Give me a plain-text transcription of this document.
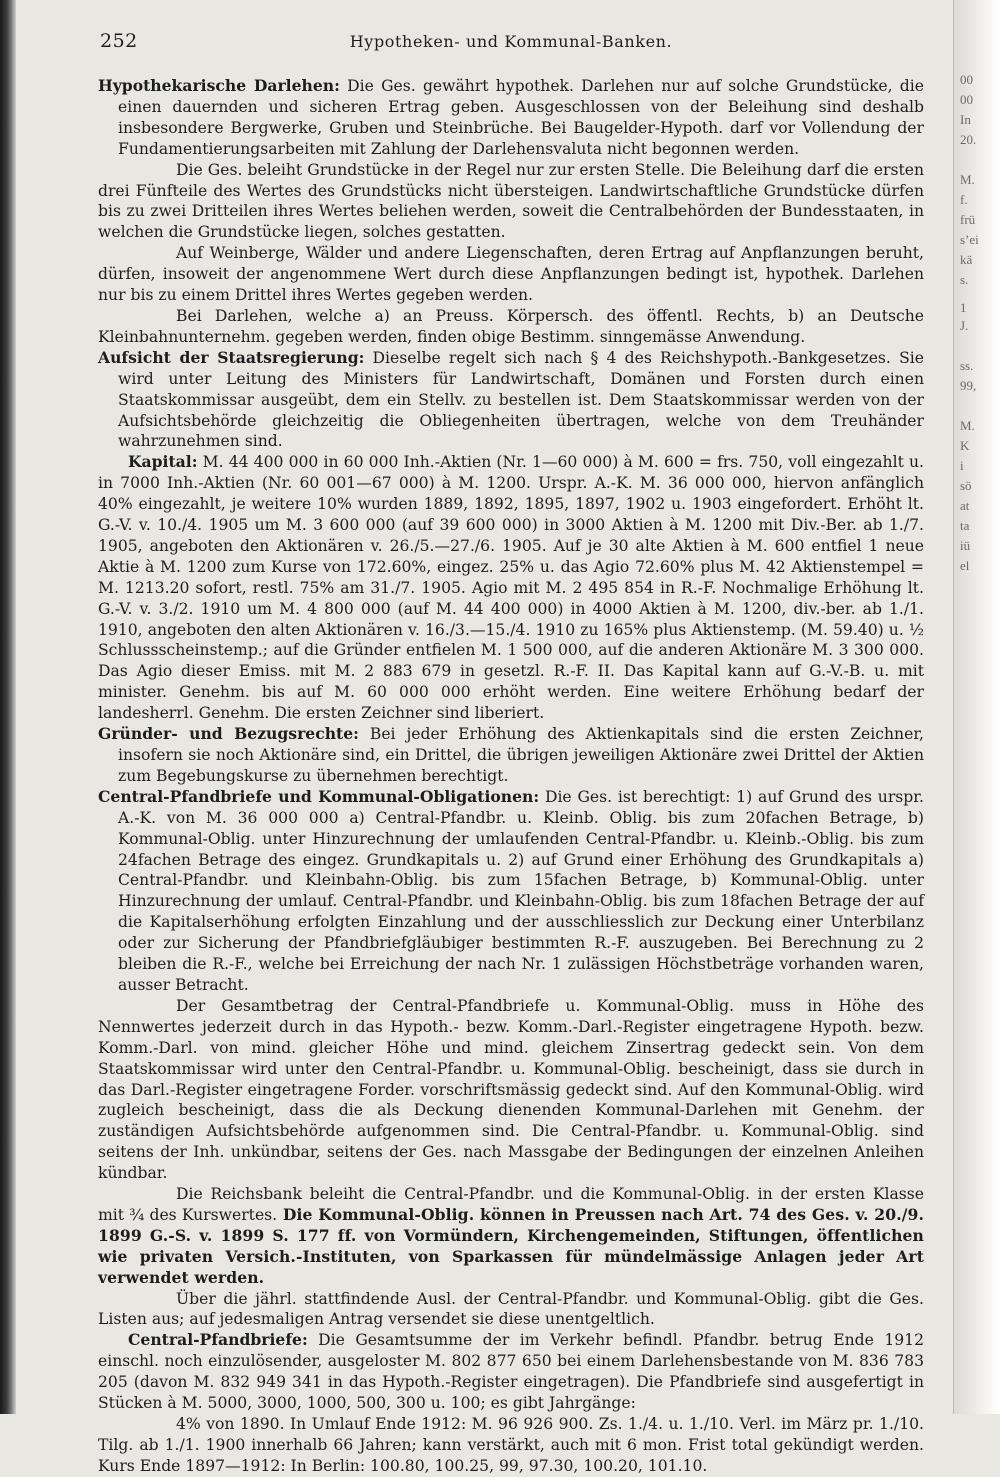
00
00
In
20.
M.
f.
frü
s’ei
kä
s.
1
J.
ss.
99,
M.
K
i
sö
at
ta
iü
el
252	Hypotheken- und Kommunal-Banken.

Hypothekarische Darlehen: Die Ges. gewährt hypothek. Darlehen nur auf solche Grundstücke, die einen dauernden und sicheren Ertrag geben. Ausgeschlossen von der Beleihung sind deshalb insbesondere Bergwerke, Gruben und Steinbrüche. Bei Baugelder-Hypoth. darf vor Vollendung der Fundamentierungsarbeiten mit Zahlung der Darlehensvaluta nicht begonnen werden.

Die Ges. beleiht Grundstücke in der Regel nur zur ersten Stelle. Die Beleihung darf die ersten drei Fünfteile des Wertes des Grundstücks nicht übersteigen. Landwirtschaftliche Grundstücke dürfen bis zu zwei Dritteilen ihres Wertes beliehen werden, soweit die Centralbehörden der Bundesstaaten, in welchen die Grundstücke liegen, solches gestatten.

Auf Weinberge, Wälder und andere Liegenschaften, deren Ertrag auf Anpflanzungen beruht, dürfen, insoweit der angenommene Wert durch diese Anpflanzungen bedingt ist, hypothek. Darlehen nur bis zu einem Drittel ihres Wertes gegeben werden.

Bei Darlehen, welche a) an Preuss. Körpersch. des öffentl. Rechts, b) an Deutsche Kleinbahnunternehm. gegeben werden, finden obige Bestimm. sinngemässe Anwendung.

Aufsicht der Staatsregierung: Dieselbe regelt sich nach § 4 des Reichshypoth.-Bankgesetzes. Sie wird unter Leitung des Ministers für Landwirtschaft, Domänen und Forsten durch einen Staatskommissar ausgeübt, dem ein Stellv. zu bestellen ist. Dem Staatskommissar werden von der Aufsichtsbehörde gleichzeitig die Obliegenheiten übertragen, welche von dem Treuhänder wahrzunehmen sind.

Kapital: M. 44 400 000 in 60 000 Inh.-Aktien (Nr. 1—60 000) à M. 600 = frs. 750, voll eingezahlt u. in 7000 Inh.-Aktien (Nr. 60 001—67 000) à M. 1200. Urspr. A.-K. M. 36 000 000, hiervon anfänglich 40% eingezahlt, je weitere 10% wurden 1889, 1892, 1895, 1897, 1902 u. 1903 eingefordert. Erhöht lt. G.-V. v. 10./4. 1905 um M. 3 600 000 (auf 39 600 000) in 3000 Aktien à M. 1200 mit Div.-Ber. ab 1./7. 1905, angeboten den Aktionären v. 26./5.—27./6. 1905. Auf je 30 alte Aktien à M. 600 entfiel 1 neue Aktie à M. 1200 zum Kurse von 172.60%, eingez. 25% u. das Agio 72.60% plus M. 42 Aktienstempel = M. 1213.20 sofort, restl. 75% am 31./7. 1905. Agio mit M. 2 495 854 in R.-F. Nochmalige Erhöhung lt. G.-V. v. 3./2. 1910 um M. 4 800 000 (auf M. 44 400 000) in 4000 Aktien à M. 1200, div.-ber. ab 1./1. 1910, angeboten den alten Aktionären v. 16./3.—15./4. 1910 zu 165% plus Aktienstemp. (M. 59.40) u. ½ Schlussscheinstemp.; auf die Gründer entfielen M. 1 500 000, auf die anderen Aktionäre M. 3 300 000. Das Agio dieser Emiss. mit M. 2 883 679 in gesetzl. R.-F. II. Das Kapital kann auf G.-V.-B. u. mit minister. Genehm. bis auf M. 60 000 000 erhöht werden. Eine weitere Erhöhung bedarf der landesherrl. Genehm. Die ersten Zeichner sind liberiert.

Gründer- und Bezugsrechte: Bei jeder Erhöhung des Aktienkapitals sind die ersten Zeichner, insofern sie noch Aktionäre sind, ein Drittel, die übrigen jeweiligen Aktionäre zwei Drittel der Aktien zum Begebungskurse zu übernehmen berechtigt.

Central-Pfandbriefe und Kommunal-Obligationen: Die Ges. ist berechtigt: 1) auf Grund des urspr. A.-K. von M. 36 000 000 a) Central-Pfandbr. u. Kleinb. Oblig. bis zum 20fachen Betrage, b) Kommunal-Oblig. unter Hinzurechnung der umlaufenden Central-Pfandbr. u. Kleinb.-Oblig. bis zum 24fachen Betrage des eingez. Grundkapitals u. 2) auf Grund einer Erhöhung des Grundkapitals a) Central-Pfandbr. und Kleinbahn-Oblig. bis zum 15fachen Betrage, b) Kommunal-Oblig. unter Hinzurechnung der umlauf. Central-Pfandbr. und Kleinbahn-Oblig. bis zum 18fachen Betrage der auf die Kapitalserhöhung erfolgten Einzahlung und der ausschliesslich zur Deckung einer Unterbilanz oder zur Sicherung der Pfandbriefgläubiger bestimmten R.-F. auszugeben. Bei Berechnung zu 2 bleiben die R.-F., welche bei Erreichung der nach Nr. 1 zulässigen Höchstbeträge vorhanden waren, ausser Betracht.

Der Gesamtbetrag der Central-Pfandbriefe u. Kommunal-Oblig. muss in Höhe des Nennwertes jederzeit durch in das Hypoth.- bezw. Komm.-Darl.-Register eingetragene Hypoth. bezw. Komm.-Darl. von mind. gleicher Höhe und mind. gleichem Zinsertrag gedeckt sein. Von dem Staatskommissar wird unter den Central-Pfandbr. u. Kommunal-Oblig. bescheinigt, dass sie durch in das Darl.-Register eingetragene Forder. vorschriftsmässig gedeckt sind. Auf den Kommunal-Oblig. wird zugleich bescheinigt, dass die als Deckung dienenden Kommunal-Darlehen mit Genehm. der zuständigen Aufsichtsbehörde aufgenommen sind. Die Central-Pfandbr. u. Kommunal-Oblig. sind seitens der Inh. unkündbar, seitens der Ges. nach Massgabe der Bedingungen der einzelnen Anleihen kündbar.

Die Reichsbank beleiht die Central-Pfandbr. und die Kommunal-Oblig. in der ersten Klasse mit ¾ des Kurswertes. Die Kommunal-Oblig. können in Preussen nach Art. 74 des Ges. v. 20./9. 1899 G.-S. v. 1899 S. 177 ff. von Vormündern, Kirchengemeinden, Stiftungen, öffentlichen wie privaten Versich.-Instituten, von Sparkassen für mündelmässige Anlagen jeder Art verwendet werden.

Über die jährl. stattfindende Ausl. der Central-Pfandbr. und Kommunal-Oblig. gibt die Ges. Listen aus; auf jedesmaligen Antrag versendet sie diese unentgeltlich.

Central-Pfandbriefe: Die Gesamtsumme der im Verkehr befindl. Pfandbr. betrug Ende 1912 einschl. noch einzulösender, ausgeloster M. 802 877 650 bei einem Darlehensbestande von M. 836 783 205 (davon M. 832 949 341 in das Hypoth.-Register eingetragen). Die Pfandbriefe sind ausgefertigt in Stücken à M. 5000, 3000, 1000, 500, 300 u. 100; es gibt Jahrgänge:

4% von 1890. In Umlauf Ende 1912: M. 96 926 900. Zs. 1./4. u. 1./10. Verl. im März pr. 1./10. Tilg. ab 1./1. 1900 innerhalb 66 Jahren; kann verstärkt, auch mit 6 mon. Frist total gekündigt werden. Kurs Ende 1897—1912: In Berlin: 100.80, 100.25, 99, 97.30, 100.20, 101.10.
